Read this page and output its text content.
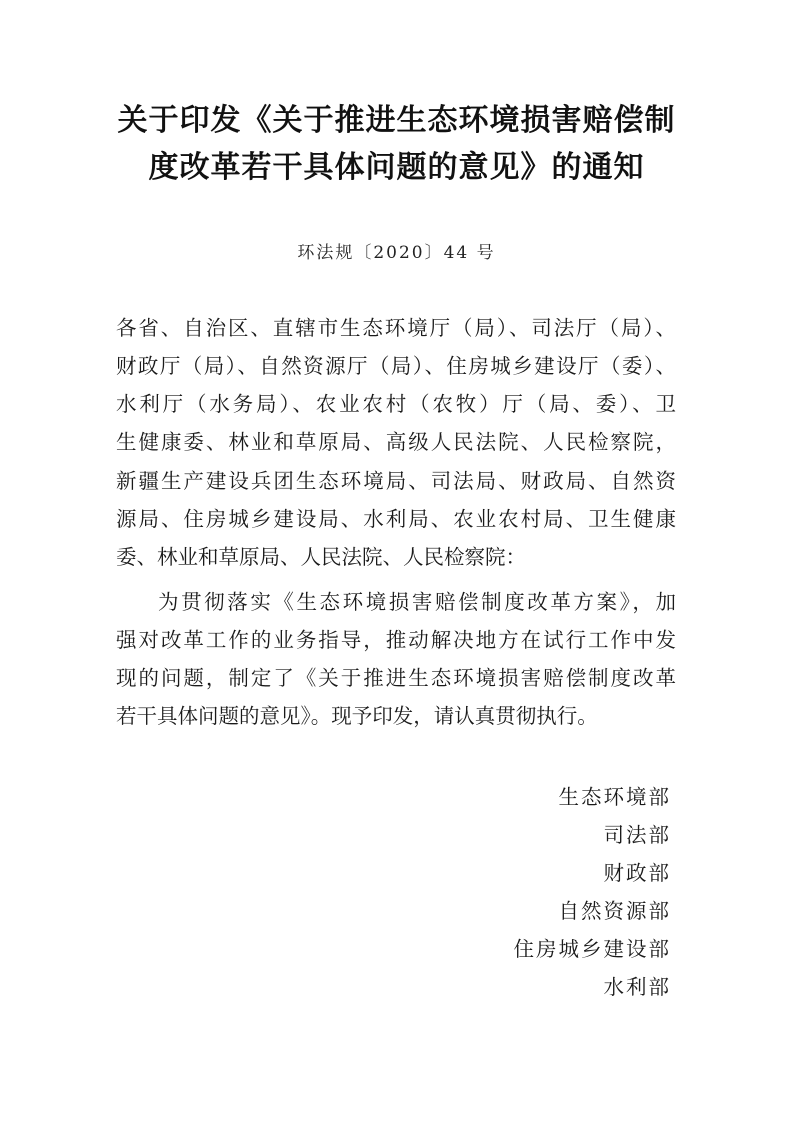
关于印发《关于推进生态环境损害赔偿制
度改革若干具体问题的意见》的通知
环法规〔2020〕44 号
各省、自治区、直辖市生态环境厅（局）、司法厅（局）、
财政厅（局）、自然资源厅（局）、住房城乡建设厅（委）、
水利厅（水务局）、农业农村（农牧）厅（局、委）、卫
生健康委、林业和草原局、高级人民法院、人民检察院，
新疆生产建设兵团生态环境局、司法局、财政局、自然资
源局、住房城乡建设局、水利局、农业农村局、卫生健康
委、林业和草原局、人民法院、人民检察院：
为贯彻落实《生态环境损害赔偿制度改革方案》，加
强对改革工作的业务指导，推动解决地方在试行工作中发
现的问题，制定了《关于推进生态环境损害赔偿制度改革
若干具体问题的意见》。现予印发，请认真贯彻执行。
生态环境部
司法部
财政部
自然资源部
住房城乡建设部
水利部
